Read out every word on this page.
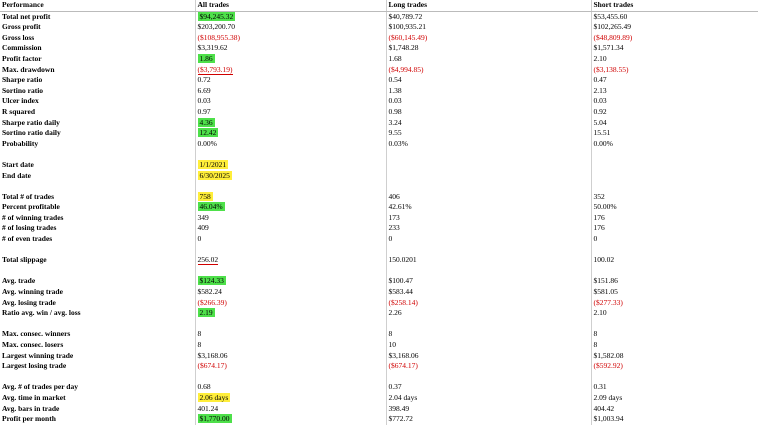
Performance	All trades	Long trades	Short trades
Total net profit	$94,245.32	$40,789.72	$53,455.60
Gross profit	$203,200.70	$100,935.21	$102,265.49
Gross loss	($108,955.38)	($60,145.49)	($48,809.89)
Commission	$3,319.62	$1,748.28	$1,571.34
Profit factor	1.86	1.68	2.10
Max. drawdown	($3,793.19)	($4,994.85)	($3,138.55)
Sharpe ratio	0.72	0.54	0.47
Sortino ratio	6.69	1.38	2.13
Ulcer index	0.03	0.03	0.03
R squared	0.97	0.98	0.92
Sharpe ratio daily	4.36	3.24	5.04
Sortino ratio daily	12.42	9.55	15.51
Probability	0.00%	0.03%	0.00%

Start date	1/1/2021		
End date	6/30/2025		

Total # of trades	758	406	352
Percent profitable	46.04%	42.61%	50.00%
# of winning trades	349	173	176
# of losing trades	409	233	176
# of even trades	0	0	0

Total slippage	256.02	150.0201	100.02

Avg. trade	$124.33	$100.47	$151.86
Avg. winning trade	$582.24	$583.44	$581.05
Avg. losing trade	($266.39)	($258.14)	($277.33)
Ratio avg. win / avg. loss	2.19	2.26	2.10

Max. consec. winners	8	8	8
Max. consec. losers	8	10	8
Largest winning trade	$3,168.06	$3,168.06	$1,582.08
Largest losing trade	($674.17)	($674.17)	($592.92)

Avg. # of trades per day	0.68	0.37	0.31
Avg. time in market	2.06 days	2.04 days	2.09 days
Avg. bars in trade	401.24	398.49	404.42
Profit per month	$1,770.00	$772.72	$1,003.94
